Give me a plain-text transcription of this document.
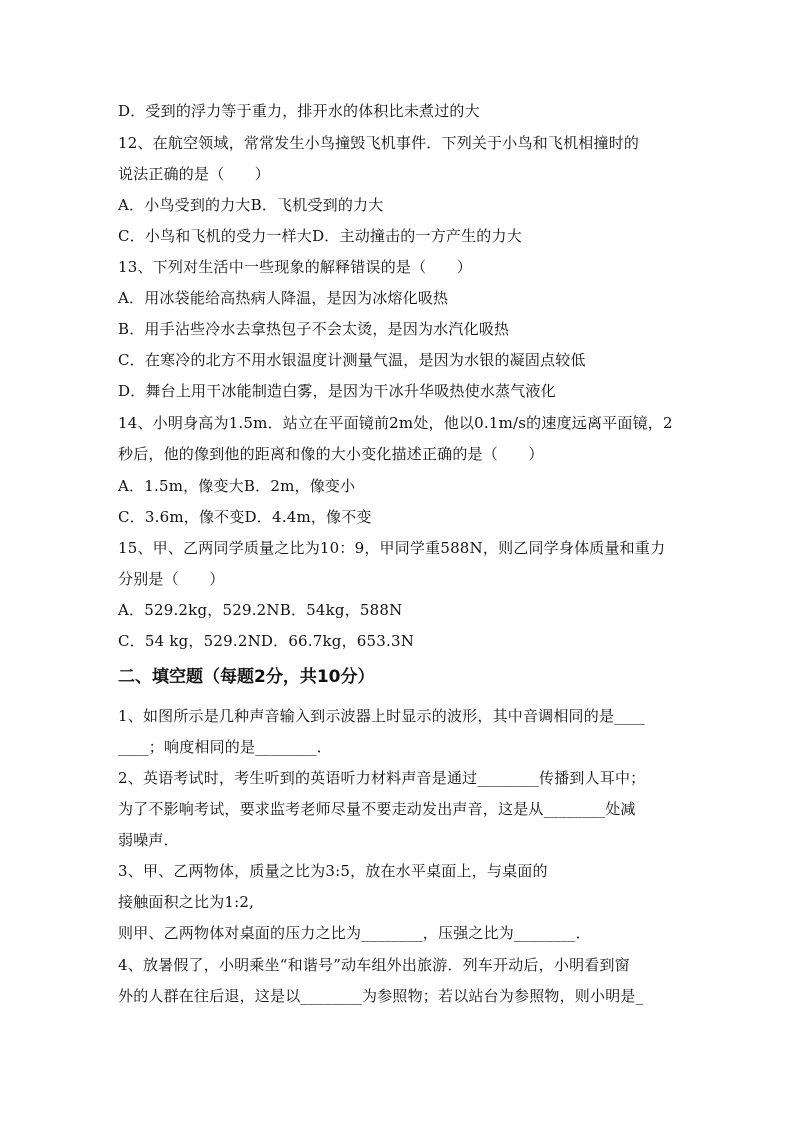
D．受到的浮力等于重力，排开水的体积比未煮过的大
12、在航空领域，常常发生小鸟撞毁飞机事件．下列关于小鸟和飞机相撞时的
说法正确的是（　　）
A．小鸟受到的力大B．飞机受到的力大
C．小鸟和飞机的受力一样大D．主动撞击的一方产生的力大
13、下列对生活中一些现象的解释错误的是（　　）
A．用冰袋能给高热病人降温，是因为冰熔化吸热
B．用手沾些冷水去拿热包子不会太烫，是因为水汽化吸热
C．在寒冷的北方不用水银温度计测量气温，是因为水银的凝固点较低
D．舞台上用干冰能制造白雾，是因为干冰升华吸热使水蒸气液化
14、小明身高为1.5m．站立在平面镜前2m处，他以0.1m/s的速度远离平面镜，2
秒后，他的像到他的距离和像的大小变化描述正确的是（　　）
A．1.5m，像变大B．2m，像变小
C．3.6m，像不变D．4.4m，像不变
15、甲、乙两同学质量之比为10：9，甲同学重588N，则乙同学身体质量和重力
分别是（　　）
A．529.2kg，529.2NB．54kg，588N
C．54 kg，529.2ND．66.7kg，653.3N
二、填空题（每题2分，共10分）
1、如图所示是几种声音输入到示波器上时显示的波形，其中音调相同的是____
____；响度相同的是________．
2、英语考试时，考生听到的英语听力材料声音是通过________传播到人耳中；
为了不影响考试，要求监考老师尽量不要走动发出声音，这是从________处减
弱噪声．
3、甲、乙两物体，质量之比为3:5，放在水平桌面上，与桌面的
接触面积之比为1:2,
则甲、乙两物体对桌面的压力之比为________，压强之比为________．
4、放暑假了，小明乘坐“和谐号”动车组外出旅游．列车开动后，小明看到窗
外的人群在往后退，这是以________为参照物；若以站台为参照物，则小明是_
